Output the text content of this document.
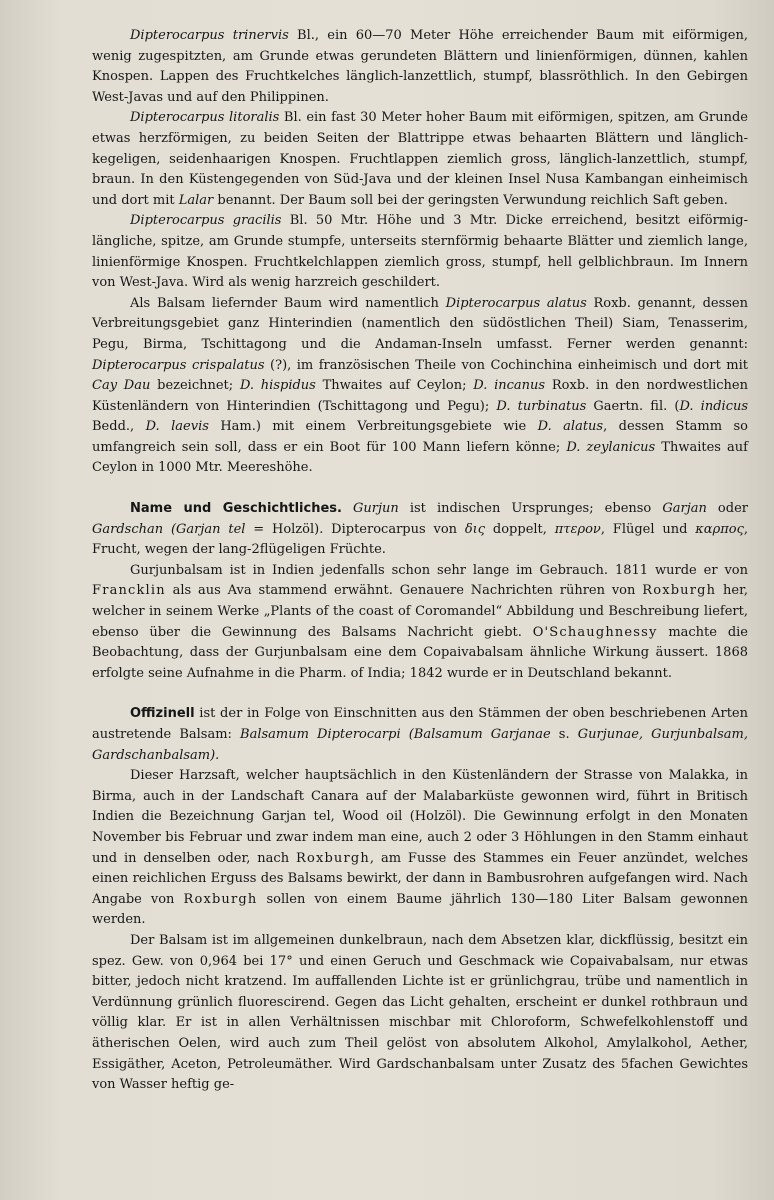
Dipterocarpus trinervis Bl., ein 60—70 Meter Höhe erreichender Baum mit eiförmigen, wenig zugespitzten, am Grunde etwas gerundeten Blättern und linienförmigen, dünnen, kahlen Knospen. Lappen des Fruchtkelches länglich-lanzettlich, stumpf, blassröthlich. In den Gebirgen West-Javas und auf den Philippinen.

Dipterocarpus litoralis Bl. ein fast 30 Meter hoher Baum mit eiförmigen, spitzen, am Grunde etwas herzförmigen, zu beiden Seiten der Blattrippe etwas behaarten Blättern und länglich-kegeligen, seidenhaarigen Knospen. Fruchtlappen ziemlich gross, länglich-lanzettlich, stumpf, braun. In den Küstengegenden von Süd-Java und der kleinen Insel Nusa Kambangan einheimisch und dort mit Lalar benannt. Der Baum soll bei der geringsten Verwundung reichlich Saft geben.

Dipterocarpus gracilis Bl. 50 Mtr. Höhe und 3 Mtr. Dicke erreichend, besitzt eiförmig-längliche, spitze, am Grunde stumpfe, unterseits sternförmig behaarte Blätter und ziemlich lange, linienförmige Knospen. Fruchtkelchlappen ziemlich gross, stumpf, hell gelblichbraun. Im Innern von West-Java. Wird als wenig harzreich geschildert.

Als Balsam liefernder Baum wird namentlich Dipterocarpus alatus Roxb. genannt, dessen Verbreitungsgebiet ganz Hinterindien (namentlich den südöstlichen Theil) Siam, Tenasserim, Pegu, Birma, Tschittagong und die Andaman-Inseln umfasst. Ferner werden genannt: Dipterocarpus crispalatus (?), im französischen Theile von Cochinchina einheimisch und dort mit Cay Dau bezeichnet; D. hispidus Thwaites auf Ceylon; D. incanus Roxb. in den nordwestlichen Küstenländern von Hinterindien (Tschittagong und Pegu); D. turbinatus Gaertn. fil. (D. indicus Bedd., D. laevis Ham.) mit einem Verbreitungsgebiete wie D. alatus, dessen Stamm so umfangreich sein soll, dass er ein Boot für 100 Mann liefern könne; D. zeylanicus Thwaites auf Ceylon in 1000 Mtr. Meereshöhe.

Name und Geschichtliches. Gurjun ist indischen Ursprunges; ebenso Garjan oder Gardschan (Garjan tel = Holzöl). Dipterocarpus von δις doppelt, πτερον, Flügel und καρπος, Frucht, wegen der lang-2flügeligen Früchte.

Gurjunbalsam ist in Indien jedenfalls schon sehr lange im Gebrauch. 1811 wurde er von Francklin als aus Ava stammend erwähnt. Genauere Nachrichten rühren von Roxburgh her, welcher in seinem Werke „Plants of the coast of Coromandel“ Abbildung und Beschreibung liefert, ebenso über die Gewinnung des Balsams Nachricht giebt. O'Schaughnessy machte die Beobachtung, dass der Gurjunbalsam eine dem Copaivabalsam ähnliche Wirkung äussert. 1868 erfolgte seine Aufnahme in die Pharm. of India; 1842 wurde er in Deutschland bekannt.

Offizinell ist der in Folge von Einschnitten aus den Stämmen der oben beschriebenen Arten austretende Balsam: Balsamum Dipterocarpi (Balsamum Garjanae s. Gurjunae, Gurjunbalsam, Gardschanbalsam).

Dieser Harzsaft, welcher hauptsächlich in den Küstenländern der Strasse von Malakka, in Birma, auch in der Landschaft Canara auf der Malabarküste gewonnen wird, führt in Britisch Indien die Bezeichnung Garjan tel, Wood oil (Holzöl). Die Gewinnung erfolgt in den Monaten November bis Februar und zwar indem man eine, auch 2 oder 3 Höhlungen in den Stamm einhaut und in denselben oder, nach Roxburgh, am Fusse des Stammes ein Feuer anzündet, welches einen reichlichen Erguss des Balsams bewirkt, der dann in Bambusrohren aufgefangen wird. Nach Angabe von Roxburgh sollen von einem Baume jährlich 130—180 Liter Balsam gewonnen werden.

Der Balsam ist im allgemeinen dunkelbraun, nach dem Absetzen klar, dickflüssig, besitzt ein spez. Gew. von 0,964 bei 17° und einen Geruch und Geschmack wie Copaivabalsam, nur etwas bitter, jedoch nicht kratzend. Im auffallenden Lichte ist er grünlichgrau, trübe und namentlich in Verdünnung grünlich fluorescirend. Gegen das Licht gehalten, erscheint er dunkel rothbraun und völlig klar. Er ist in allen Verhältnissen mischbar mit Chloroform, Schwefelkohlenstoff und ätherischen Oelen, wird auch zum Theil gelöst von absolutem Alkohol, Amylalkohol, Aether, Essigäther, Aceton, Petroleumäther. Wird Gardschanbalsam unter Zusatz des 5fachen Gewichtes von Wasser heftig ge-
